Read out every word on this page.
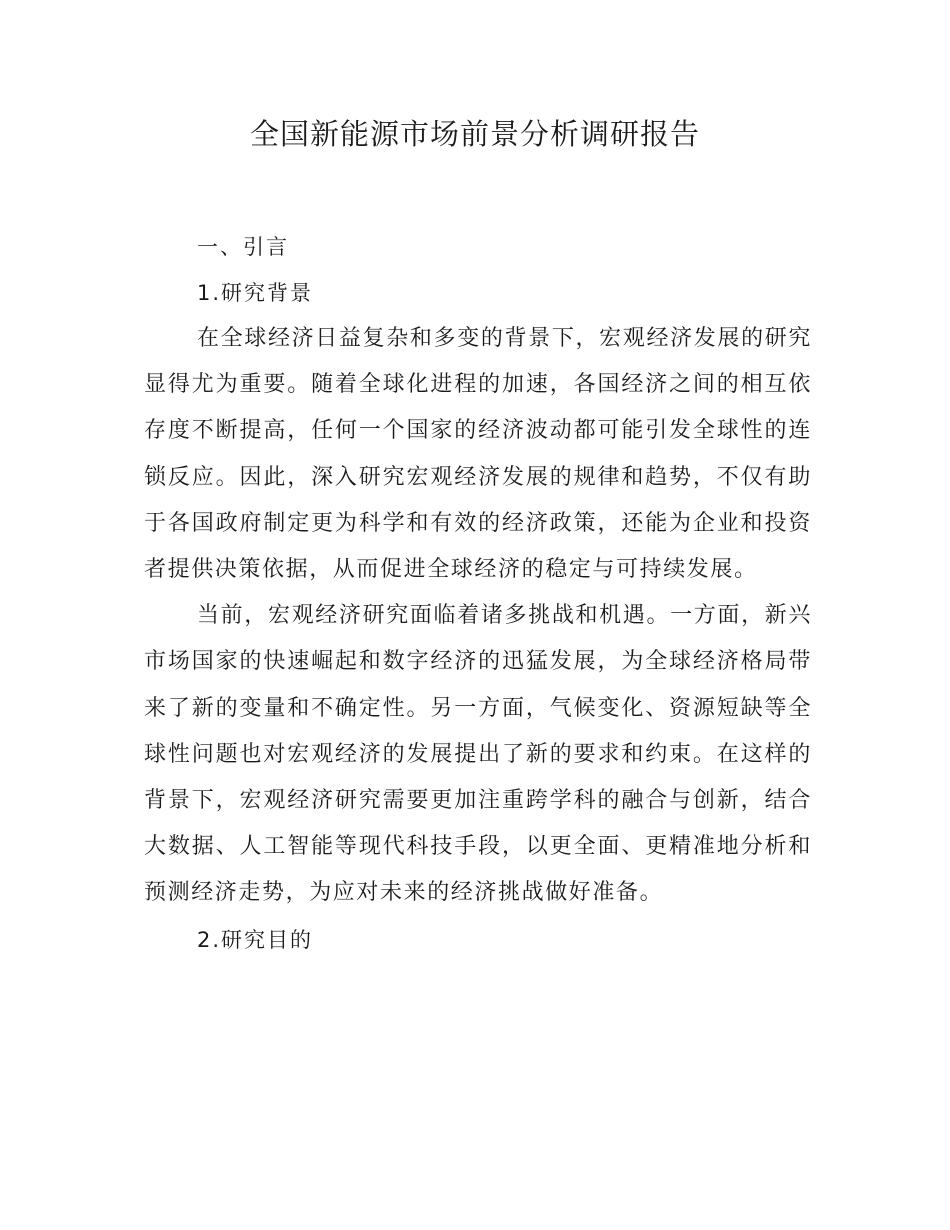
全国新能源市场前景分析调研报告
一、引言
1.研究背景

在全球经济日益复杂和多变的背景下，宏观经济发展的研究显得尤为重要。随着全球化进程的加速，各国经济之间的相互依存度不断提高，任何一个国家的经济波动都可能引发全球性的连锁反应。因此，深入研究宏观经济发展的规律和趋势，不仅有助于各国政府制定更为科学和有效的经济政策，还能为企业和投资者提供决策依据，从而促进全球经济的稳定与可持续发展。

当前，宏观经济研究面临着诸多挑战和机遇。一方面，新兴市场国家的快速崛起和数字经济的迅猛发展，为全球经济格局带来了新的变量和不确定性。另一方面，气候变化、资源短缺等全球性问题也对宏观经济的发展提出了新的要求和约束。在这样的背景下，宏观经济研究需要更加注重跨学科的融合与创新，结合大数据、人工智能等现代科技手段，以更全面、更精准地分析和预测经济走势，为应对未来的经济挑战做好准备。

2.研究目的
